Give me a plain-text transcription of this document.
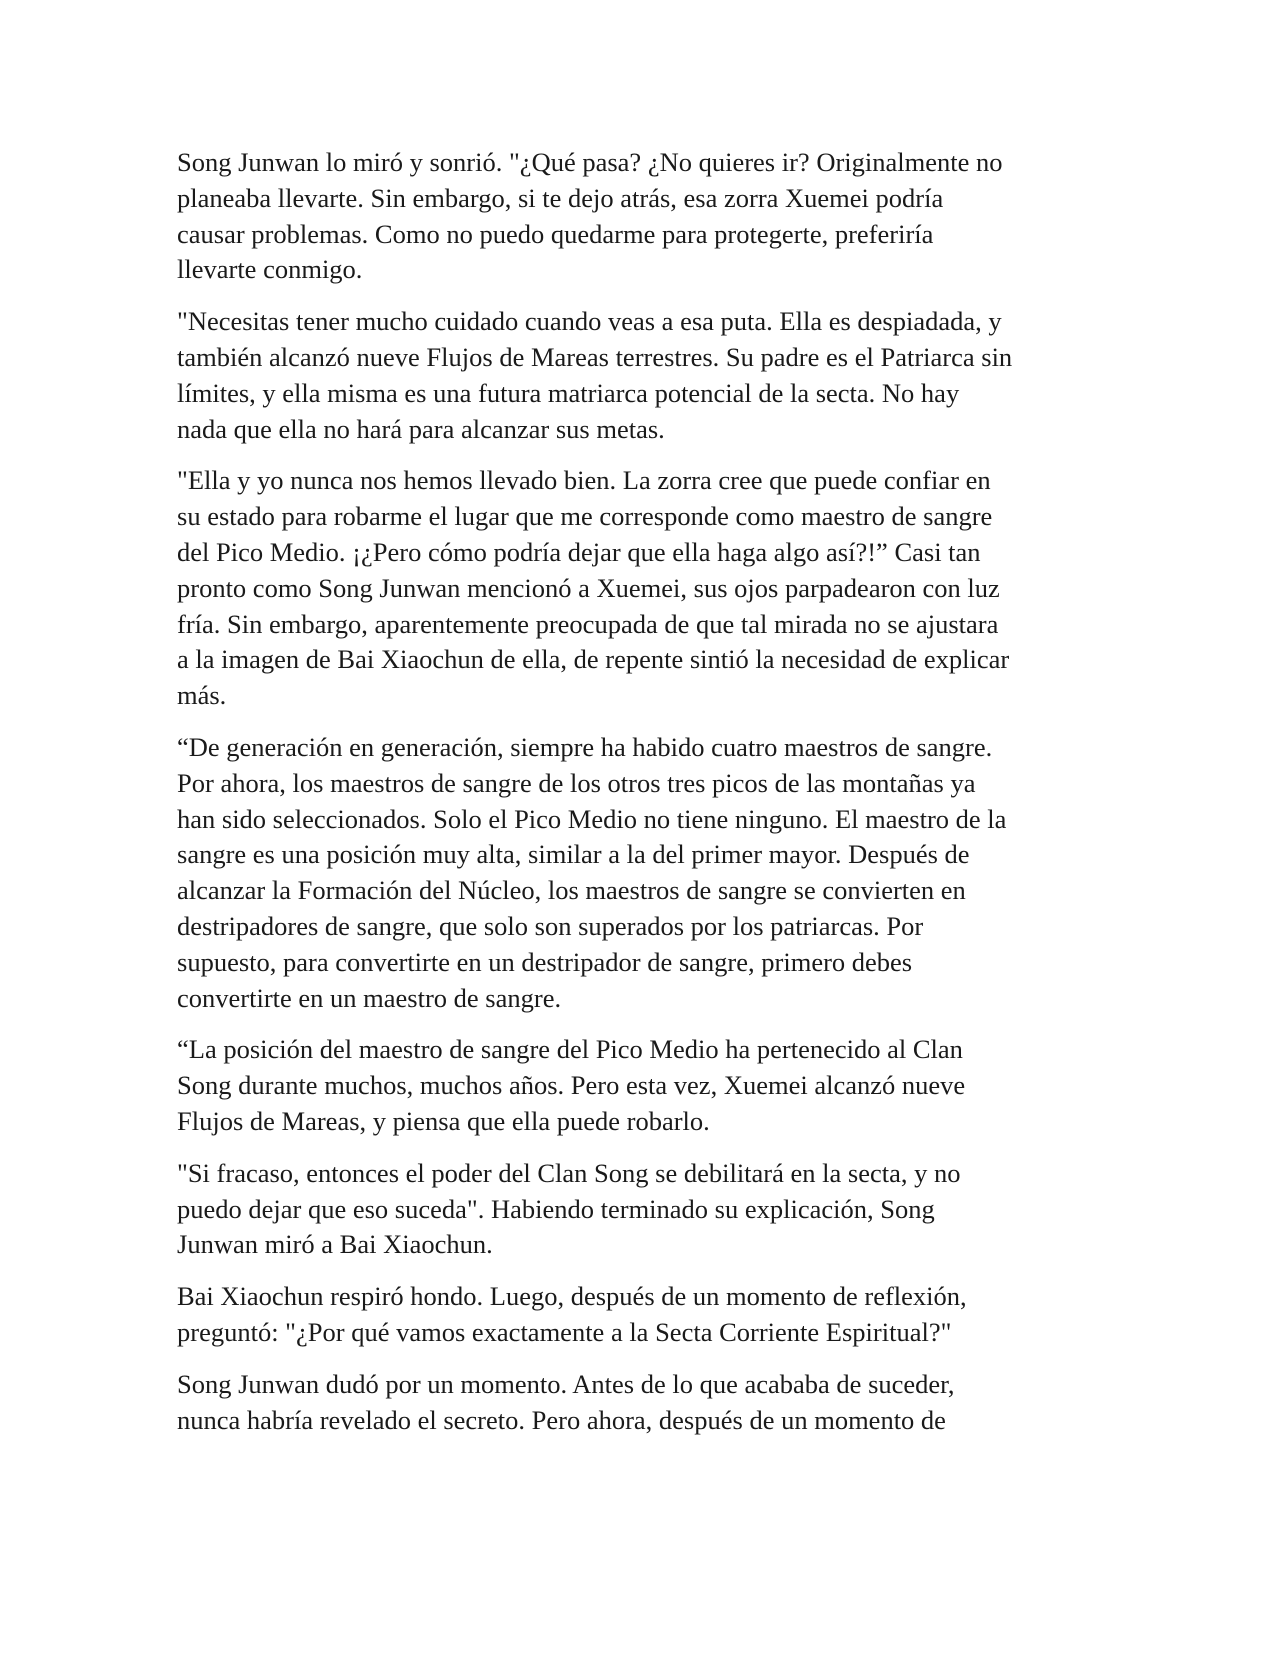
Song Junwan lo miró y sonrió. "¿Qué pasa? ¿No quieres ir? Originalmente no
planeaba llevarte. Sin embargo, si te dejo atrás, esa zorra Xuemei podría
causar problemas. Como no puedo quedarme para protegerte, preferiría
llevarte conmigo.

"Necesitas tener mucho cuidado cuando veas a esa puta. Ella es despiadada, y
también alcanzó nueve Flujos de Mareas terrestres. Su padre es el Patriarca sin
límites, y ella misma es una futura matriarca potencial de la secta. No hay
nada que ella no hará para alcanzar sus metas.

"Ella y yo nunca nos hemos llevado bien. La zorra cree que puede confiar en
su estado para robarme el lugar que me corresponde como maestro de sangre
del Pico Medio. ¡¿Pero cómo podría dejar que ella haga algo así?!” Casi tan
pronto como Song Junwan mencionó a Xuemei, sus ojos parpadearon con luz
fría. Sin embargo, aparentemente preocupada de que tal mirada no se ajustara
a la imagen de Bai Xiaochun de ella, de repente sintió la necesidad de explicar
más.

“De generación en generación, siempre ha habido cuatro maestros de sangre.
Por ahora, los maestros de sangre de los otros tres picos de las montañas ya
han sido seleccionados. Solo el Pico Medio no tiene ninguno. El maestro de la
sangre es una posición muy alta, similar a la del primer mayor. Después de
alcanzar la Formación del Núcleo, los maestros de sangre se convierten en
destripadores de sangre, que solo son superados por los patriarcas. Por
supuesto, para convertirte en un destripador de sangre, primero debes
convertirte en un maestro de sangre.

“La posición del maestro de sangre del Pico Medio ha pertenecido al Clan
Song durante muchos, muchos años. Pero esta vez, Xuemei alcanzó nueve
Flujos de Mareas, y piensa que ella puede robarlo.

"Si fracaso, entonces el poder del Clan Song se debilitará en la secta, y no
puedo dejar que eso suceda". Habiendo terminado su explicación, Song
Junwan miró a Bai Xiaochun.

Bai Xiaochun respiró hondo. Luego, después de un momento de reflexión,
preguntó: "¿Por qué vamos exactamente a la Secta Corriente Espiritual?"

Song Junwan dudó por un momento. Antes de lo que acababa de suceder,
nunca habría revelado el secreto. Pero ahora, después de un momento de
